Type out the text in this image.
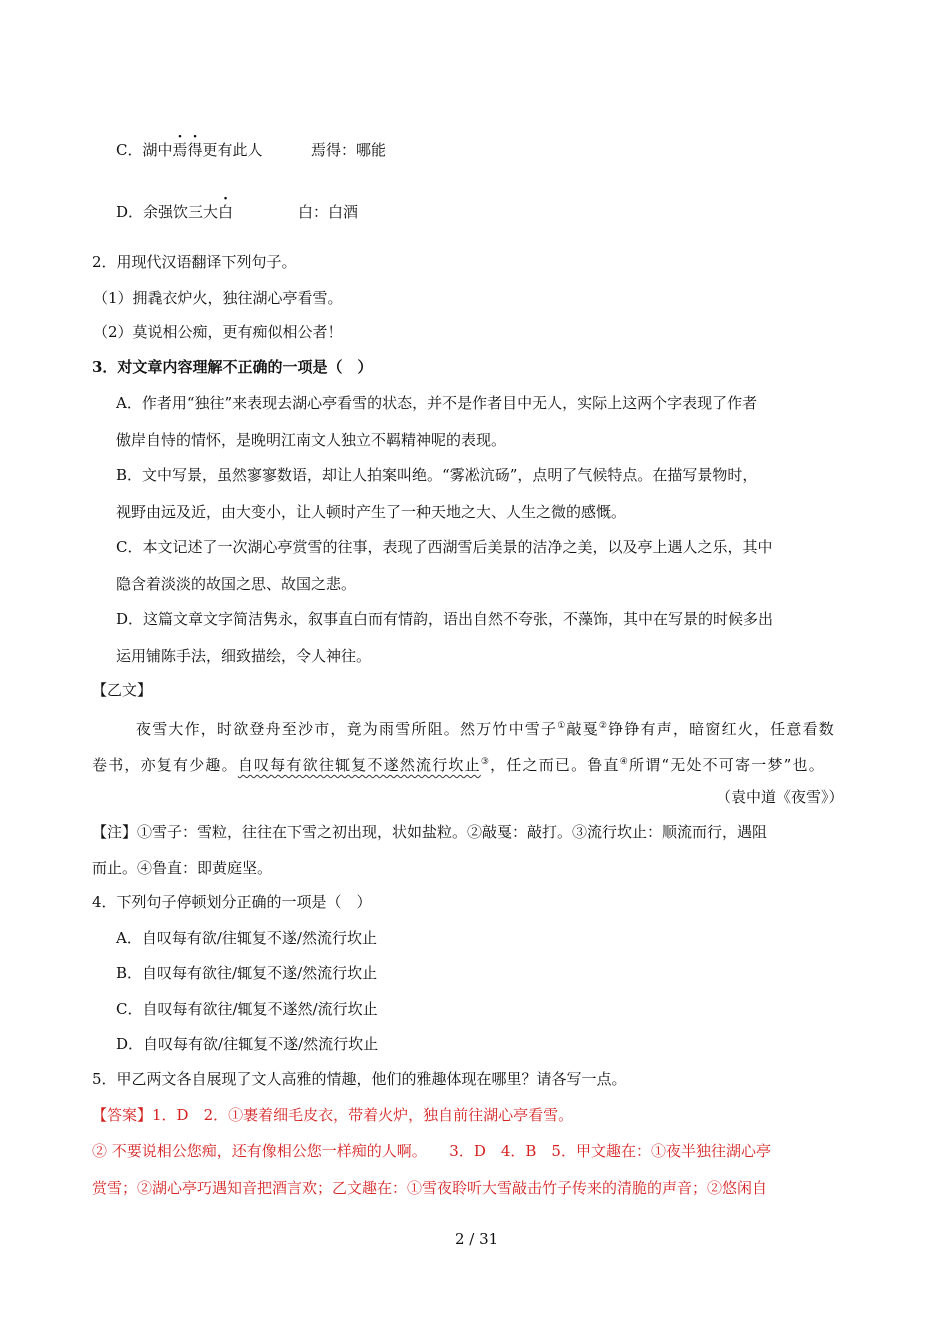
C．湖中焉得更有此人	焉得：哪能
D．余强饮三大白	白：白酒
2．用现代汉语翻译下列句子。
（1）拥毳衣炉火，独往湖心亭看雪。
（2）莫说相公痴，更有痴似相公者！
3．对文章内容理解不正确的一项是（　）
A．作者用“独往”来表现去湖心亭看雪的状态，并不是作者目中无人，实际上这两个字表现了作者
傲岸自恃的情怀，是晚明江南文人独立不羁精神呢的表现。
B．文中写景，虽然寥寥数语，却让人拍案叫绝。“雾凇沆砀”，点明了气候特点。在描写景物时，
视野由远及近，由大变小，让人顿时产生了一种天地之大、人生之微的感慨。
C．本文记述了一次湖心亭赏雪的往事，表现了西湖雪后美景的洁净之美，以及亭上遇人之乐，其中
隐含着淡淡的故国之思、故国之悲。
D．这篇文章文字简洁隽永，叙事直白而有情韵，语出自然不夸张，不藻饰，其中在写景的时候多出
运用铺陈手法，细致描绘，令人神往。
【乙文】
夜雪大作，时欲登舟至沙市，竟为雨雪所阻。然万竹中雪子①敲戛②铮铮有声，暗窗红火，任意看数
卷书，亦复有少趣。自叹每有欲往辄复不遂然流行坎止③，任之而已。鲁直④所谓“无处不可寄一梦”也。
（袁中道《夜雪》）
【注】①雪子：雪粒，往往在下雪之初出现，状如盐粒。②敲戛：敲打。③流行坎止：顺流而行，遇阻
而止。④鲁直：即黄庭坚。
4．下列句子停顿划分正确的一项是（　）
A．自叹每有欲/往辄复不遂/然流行坎止
B．自叹每有欲往/辄复不遂/然流行坎止
C．自叹每有欲往/辄复不遂然/流行坎止
D．自叹每有欲/往辄复不遂/然流行坎止
5．甲乙两文各自展现了文人高雅的情趣，他们的雅趣体现在哪里？请各写一点。
【答案】1．D　2．①裹着细毛皮衣，带着火炉，独自前往湖心亭看雪。
② 不要说相公您痴，还有像相公您一样痴的人啊。　　3．D　4．B　5．甲文趣在：①夜半独往湖心亭
赏雪；②湖心亭巧遇知音把酒言欢；乙文趣在：①雪夜聆听大雪敲击竹子传来的清脆的声音；②悠闲自
2 / 31
